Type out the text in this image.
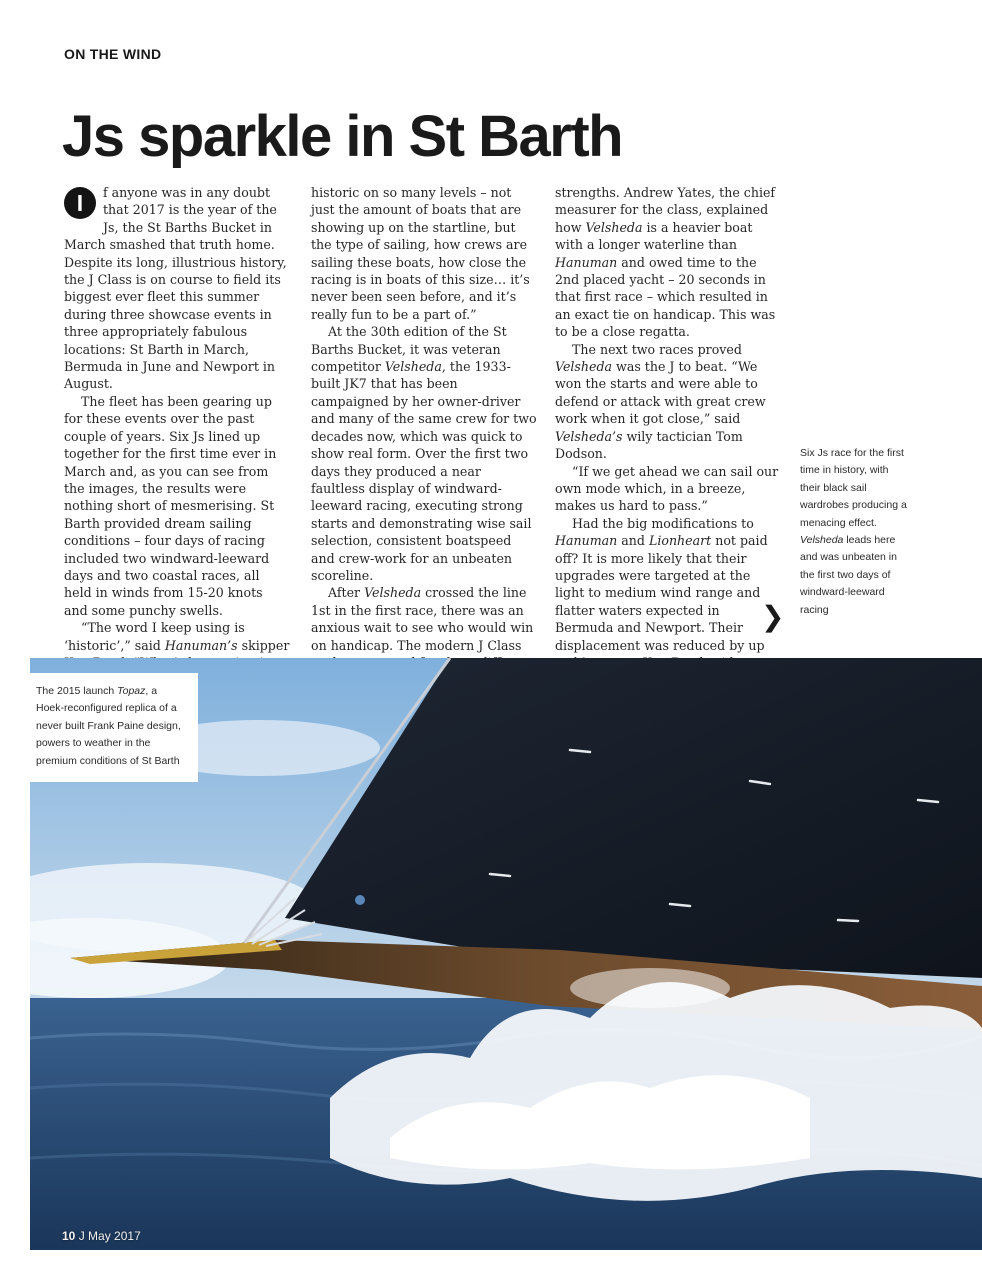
ON THE WIND
Js sparkle in St Barth

I	f anyone was in any doubt that 2017 is the year of the Js, the St Barths Bucket in March smashed that truth home. Despite its long, illustrious history, the J Class is on course to field its biggest ever fleet this summer during three showcase events in three appropriately fabulous locations: St Barth in March, Bermuda in June and Newport in August.

The fleet has been gearing up for these events over the past couple of years. Six Js lined up together for the first time ever in March and, as you can see from the images, the results were nothing short of mesmerising. St Barth provided dream sailing conditions – four days of racing included two windward-leeward days and two coastal races, all held in winds from 15-20 knots and some punchy swells.

“The word I keep using is ‘historic’,” said Hanuman’s skipper

historic on so many levels – not just the amount of boats that are showing up on the startline, but the type of sailing, how crews are sailing these boats, how close the racing is in boats of this size… it’s never been seen before, and it’s really fun to be a part of.”

At the 30th edition of the St Barths Bucket, it was veteran competitor Velsheda, the 1933-built JK7 that has been campaigned by her owner-driver and many of the same crew for two decades now, which was quick to show real form. Over the first two days they produced a near faultless display of windward-leeward racing, executing strong starts and demonstrating wise sail selection, consistent boatspeed and crew-work for an unbeaten scoreline.

After Velsheda crossed the line 1st in the first race, there was an anxious wait to see who would win on handicap. The modern J Class

strengths. Andrew Yates, the chief measurer for the class, explained how Velsheda is a heavier boat with a longer waterline than Hanuman and owed time to the 2nd placed yacht – 20 seconds in that first race – which resulted in an exact tie on handicap. This was to be a close regatta.

The next two races proved Velsheda was the J to beat. “We won the starts and were able to defend or attack with great crew work when it got close,” said Velsheda’s wily tactician Tom Dodson.

“If we get ahead we can sail our own mode which, in a breeze, makes us hard to pass.”

Had the big modifications to Hanuman and Lionheart not paid off? It is more likely that their upgrades were targeted at the light to medium wind range and flatter waters expected in Bermuda and Newport. Their displacement was reduced by up

❯
Six Js race for the first time in history, with their black sail wardrobes producing a menacing effect. Velsheda leads here and was unbeaten in the first two days of windward-leeward racing
The 2015 launch Topaz, a Hoek-reconfigured replica of a never built Frank Paine design, powers to weather in the premium conditions of St Barth
10 J May 2017
